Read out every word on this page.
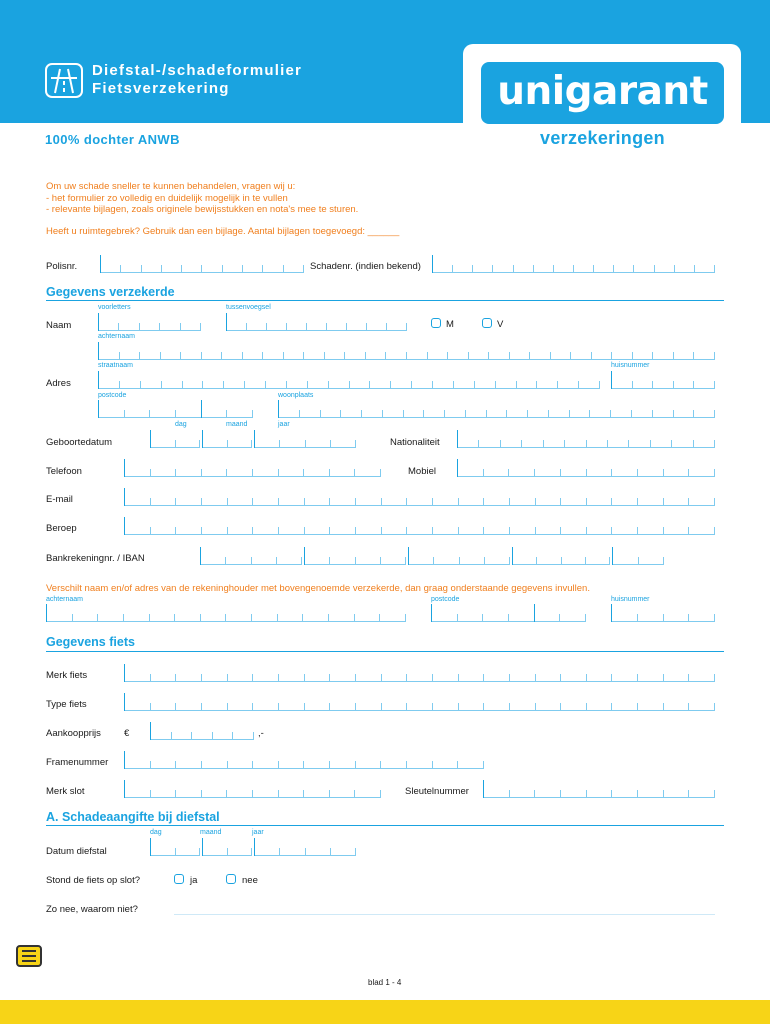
unigarant
verzekeringen
Diefstal-/schadeformulier
Fietsverzekering
100% dochter ANWB
Om uw schade sneller te kunnen behandelen, vragen wij u:
- het formulier zo volledig en duidelijk mogelijk in te vullen
- relevante bijlagen, zoals originele bewijsstukken en nota's mee te sturen.
Heeft u ruimtegebrek? Gebruik dan een bijlage. Aantal bijlagen toegevoegd: ______
Polisnr.	Schadenr. (indien bekend)
Gegevens verzekerde
voorletters	tussenvoegsel
Naam	M	V
achternaam
straatnaam	huisnummer
Adres
postcode	woonplaats
dag	maand	jaar
Geboortedatum	Nationaliteit
Telefoon	Mobiel
E-mail
Beroep
Bankrekeningnr. / IBAN
Verschilt naam en/of adres van de rekeninghouder met bovengenoemde verzekerde, dan graag onderstaande gegevens invullen.
achternaam	postcode	huisnummer
Gegevens fiets
Merk fiets
Type fiets
Aankoopprijs €	,-
Framenummer
Merk slot	Sleutelnummer
A. Schadeaangifte bij diefstal
dag	maand	jaar
Datum diefstal
Stond de fiets op slot?	ja	nee
Zo nee, waarom niet?
blad 1 - 4
